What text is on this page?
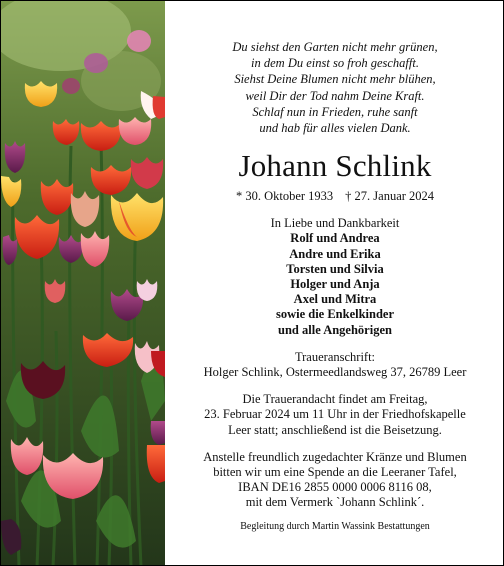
Du siehst den Garten nicht mehr grünen,
in dem Du einst so froh geschafft.
Siehst Deine Blumen nicht mehr blühen,
weil Dir der Tod nahm Deine Kraft.
Schlaf nun in Frieden, ruhe sanft
und hab für alles vielen Dank.
Johann Schlink
* 30. Oktober 1933 † 27. Januar 2024
In Liebe und Dankbarkeit
Rolf und Andrea
Andre und Erika
Torsten und Silvia
Holger und Anja
Axel und Mitra
sowie die Enkelkinder
und alle Angehörigen
Traueranschrift:
Holger Schlink, Ostermeedlandsweg 37, 26789 Leer
Die Trauerandacht findet am Freitag,
23. Februar 2024 um 11 Uhr in der Friedhofskapelle
Leer statt; anschließend ist die Beisetzung.
Anstelle freundlich zugedachter Kränze und Blumen
bitten wir um eine Spende an die Leeraner Tafel,
IBAN DE16 2855 0000 0006 8116 08,
mit dem Vermerk `Johann Schlink´.
Begleitung durch Martin Wassink Bestattungen
